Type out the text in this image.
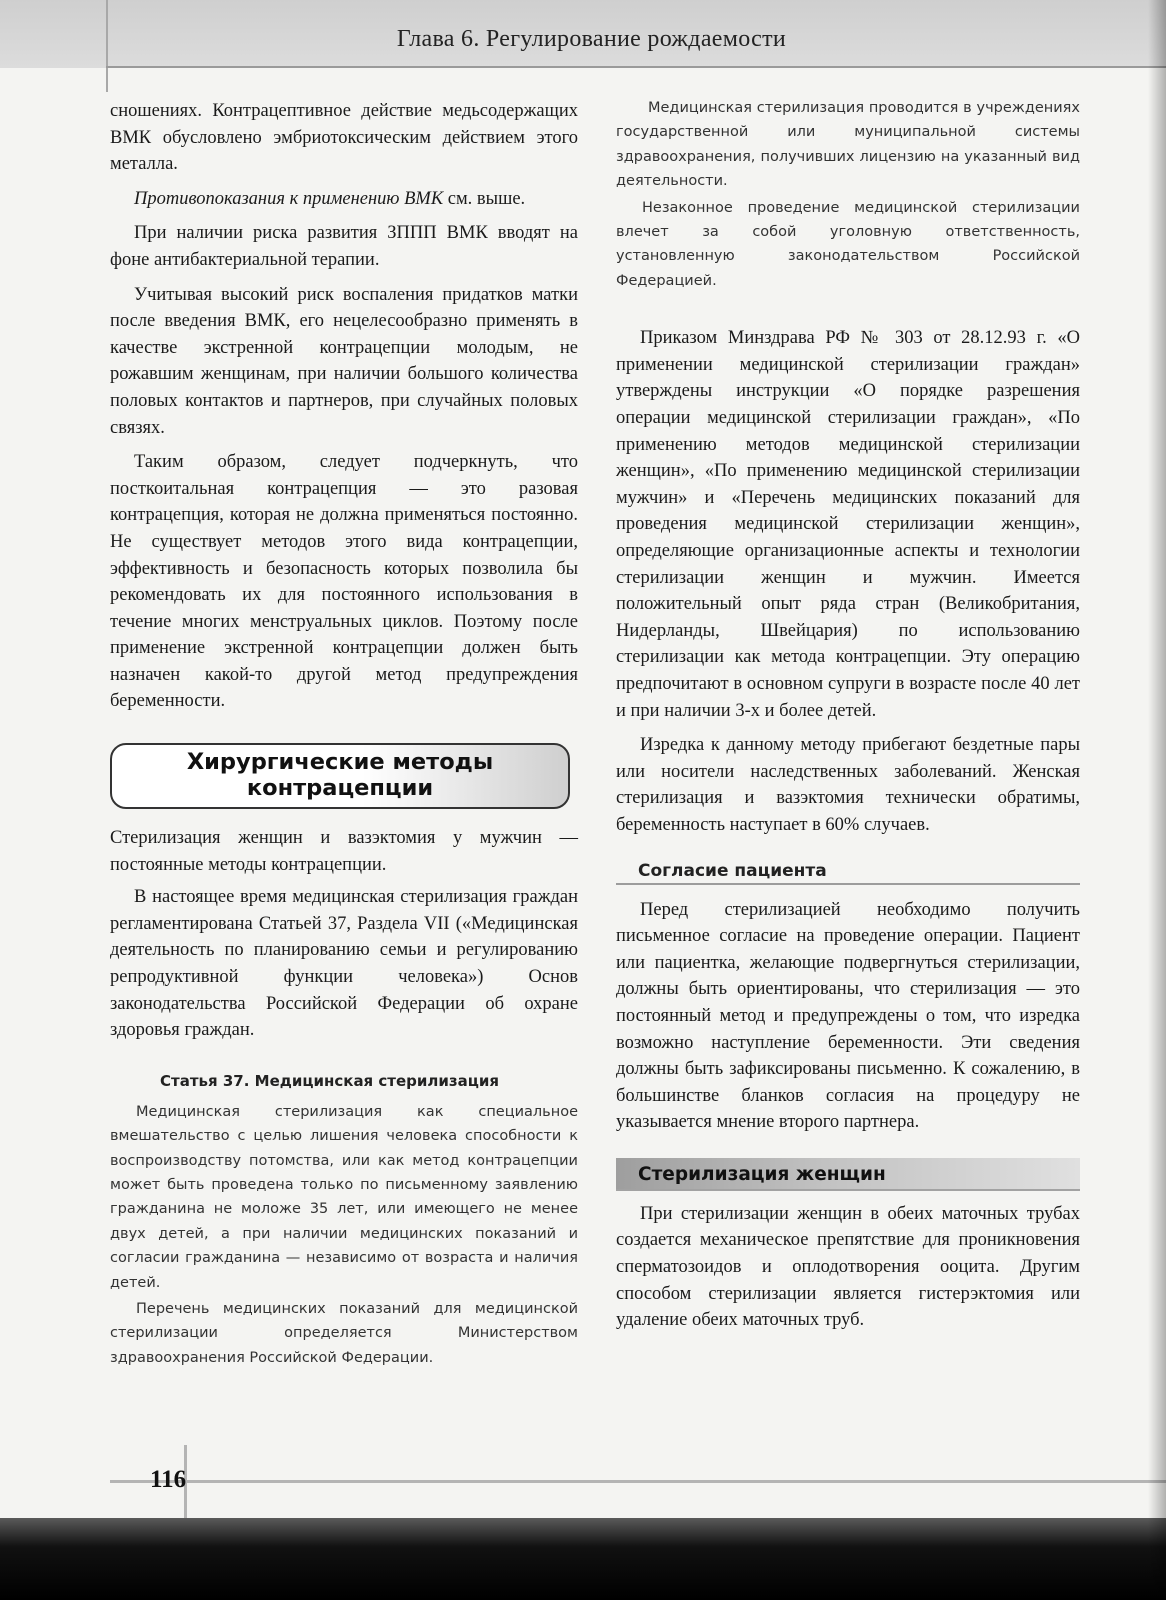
Глава 6. Регулирование рождаемости

сношениях. Контрацептивное действие медьсодержащих ВМК обусловлено эмбриотоксическим действием этого металла.

Противопоказания к применению ВМК см. выше.

При наличии риска развития ЗППП ВМК вводят на фоне антибактериальной терапии.

Учитывая высокий риск воспаления придатков матки после введения ВМК, его нецелесообразно применять в качестве экстренной контрацепции молодым, не рожавшим женщинам, при наличии большого количества половых контактов и партнеров, при случайных половых связях.

Таким образом, следует подчеркнуть, что посткоитальная контрацепция — это разовая контрацепция, которая не должна применяться постоянно. Не существует методов этого вида контрацепции, эффективность и безопасность которых позволила бы рекомендовать их для постоянного использования в течение многих менструальных циклов. Поэтому после применение экстренной контрацепции должен быть назначен какой-то другой метод предупреждения беременности.

Хирургические методы
контрацепции

Стерилизация женщин и вазэктомия у мужчин — постоянные методы контрацепции.

В настоящее время медицинская стерилизация граждан регламентирована Статьей 37, Раздела VII («Медицинская деятельность по планированию семьи и регулированию репродуктивной функции человека») Основ законодательства Российской Федерации об охране здоровья граждан.

Статья 37. Медицинская стерилизация

Медицинская стерилизация как специальное вмешательство с целью лишения человека способности к воспроизводству потомства, или как метод контрацепции может быть проведена только по письменному заявлению гражданина не моложе 35 лет, или имеющего не менее двух детей, а при наличии медицинских показаний и согласии гражданина — независимо от возраста и наличия детей.

Перечень медицинских показаний для медицинской стерилизации определяется Министерством здравоохранения Российской Федерации.

Медицинская стерилизация проводится в учреждениях государственной или муниципальной системы здравоохранения, получивших лицензию на указанный вид деятельности.

Незаконное проведение медицинской стерилизации влечет за собой уголовную ответственность, установленную законодательством Российской Федерацией.

Приказом Минздрава РФ № 303 от 28.12.93 г. «О применении медицинской стерилизации граждан» утверждены инструкции «О порядке разрешения операции медицинской стерилизации граждан», «По применению методов медицинской стерилизации женщин», «По применению медицинской стерилизации мужчин» и «Перечень медицинских показаний для проведения медицинской стерилизации женщин», определяющие организационные аспекты и технологии стерилизации женщин и мужчин. Имеется положительный опыт ряда стран (Великобритания, Нидерланды, Швейцария) по использованию стерилизации как метода контрацепции. Эту операцию предпочитают в основном супруги в возрасте после 40 лет и при наличии 3-х и более детей.

Изредка к данному методу прибегают бездетные пары или носители наследственных заболеваний. Женская стерилизация и вазэктомия технически обратимы, беременность наступает в 60% случаев.

Согласие пациента

Перед стерилизацией необходимо получить письменное согласие на проведение операции. Пациент или пациентка, желающие подвергнуться стерилизации, должны быть ориентированы, что стерилизация — это постоянный метод и предупреждены о том, что изредка возможно наступление беременности. Эти сведения должны быть зафиксированы письменно. К сожалению, в большинстве бланков согласия на процедуру не указывается мнение второго партнера.

Стерилизация женщин

При стерилизации женщин в обеих маточных трубах создается механическое препятствие для проникновения сперматозоидов и оплодотворения ооцита. Другим способом стерилизации является гистерэктомия или удаление обеих маточных труб.

116
